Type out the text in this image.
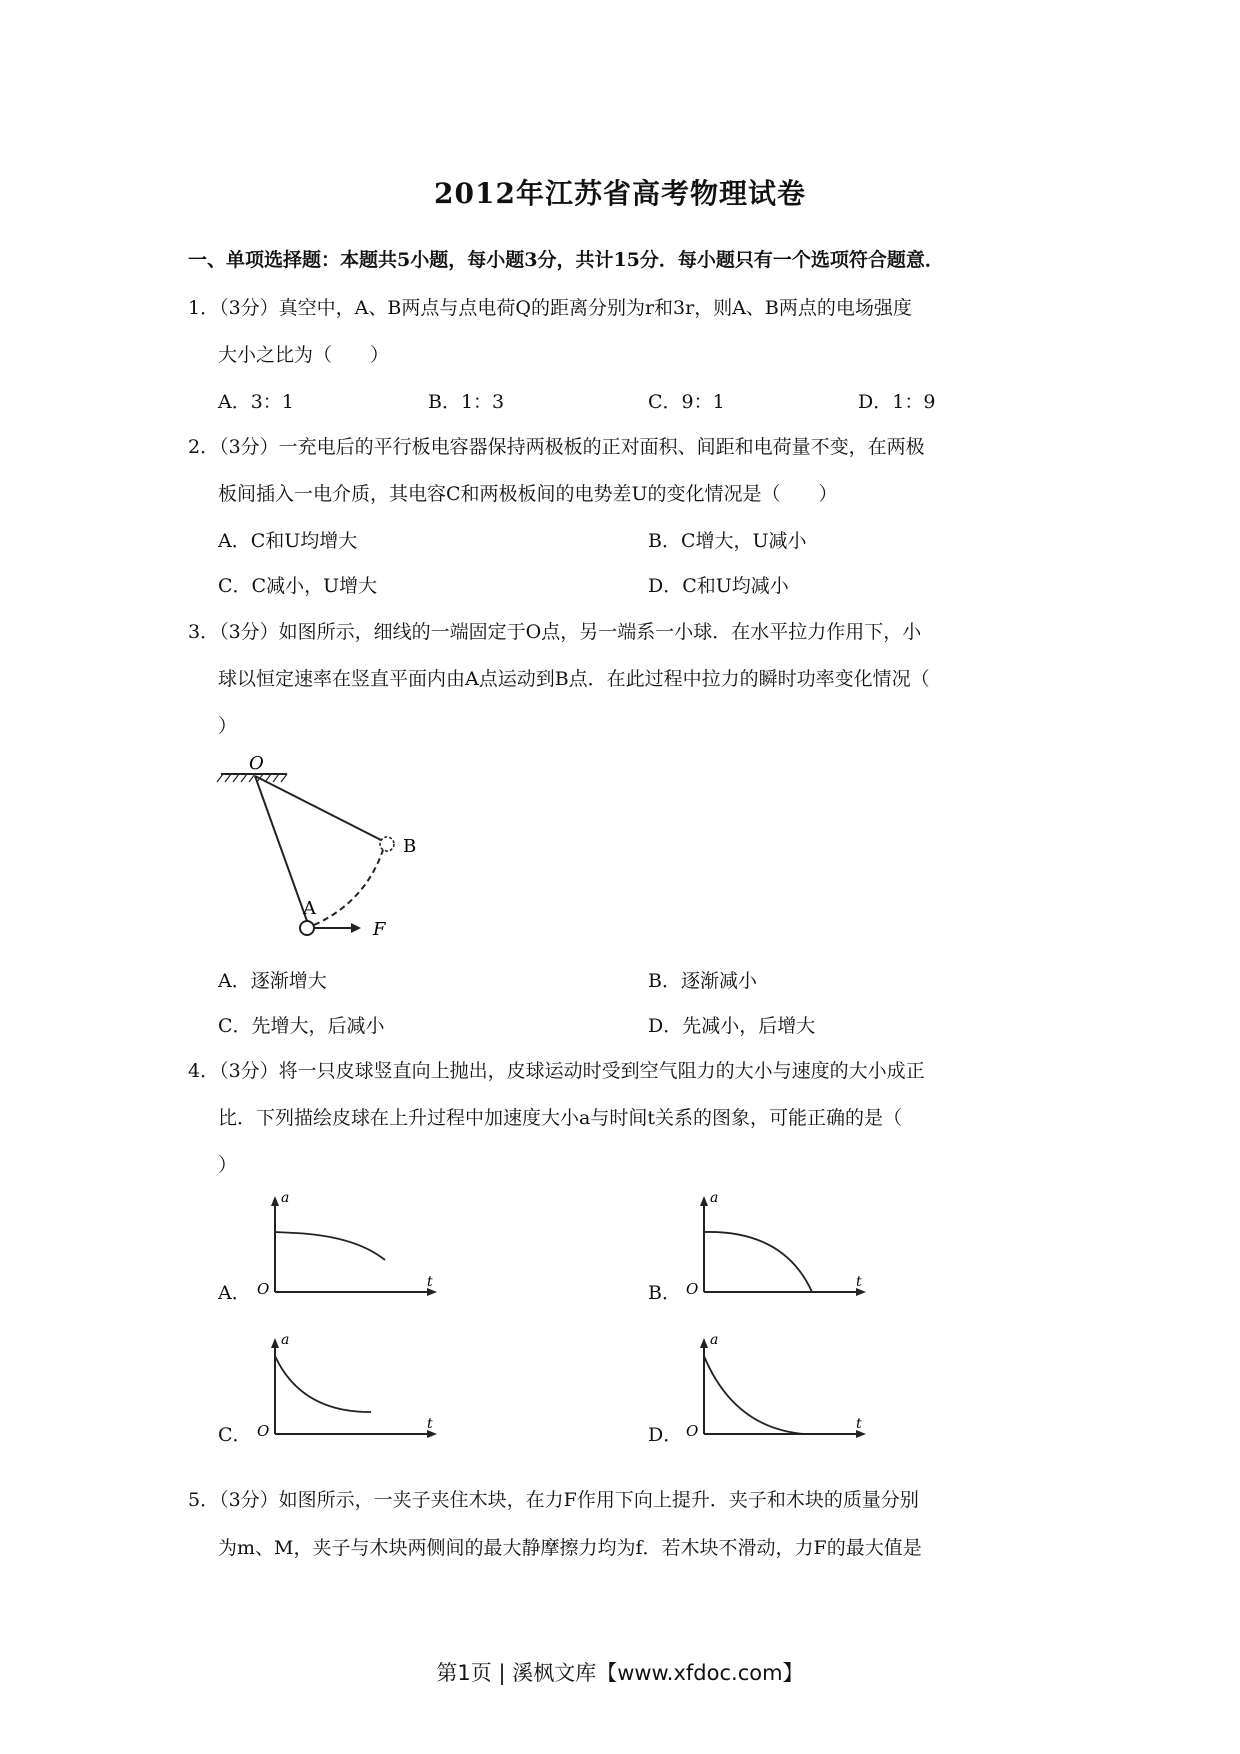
2012年江苏省高考物理试卷
一、单项选择题：本题共5小题，每小题3分，共计15分．每小题只有一个选项符合题意．
1．（3分）真空中，A、B两点与点电荷Q的距离分别为r和3r，则A、B两点的电场强度
大小之比为（　　）
A．3：1	B．1：3	C．9：1	D．1：9
2．（3分）一充电后的平行板电容器保持两极板的正对面积、间距和电荷量不变，在两极
板间插入一电介质，其电容C和两极板间的电势差U的变化情况是（　　）
A．C和U均增大	B．C增大，U减小
C．C减小，U增大	D．C和U均减小
3．（3分）如图所示，细线的一端固定于O点，另一端系一小球．在水平拉力作用下，小
球以恒定速率在竖直平面内由A点运动到B点．在此过程中拉力的瞬时功率变化情况（
）
O
A
B
F
A．逐渐增大	B．逐渐减小
C．先增大，后减小	D．先减小，后增大
4．（3分）将一只皮球竖直向上抛出，皮球运动时受到空气阻力的大小与速度的大小成正
比．下列描绘皮球在上升过程中加速度大小a与时间t关系的图象，可能正确的是（
）
A．
a
t
O	B．
a
t
O
C．
a
t
O	D．
a
t
O
5．（3分）如图所示，一夹子夹住木块，在力F作用下向上提升．夹子和木块的质量分别
为m、M，夹子与木块两侧间的最大静摩擦力均为f．若木块不滑动，力F的最大值是
第1页 | 溪枫文库【www.xfdoc.com】
